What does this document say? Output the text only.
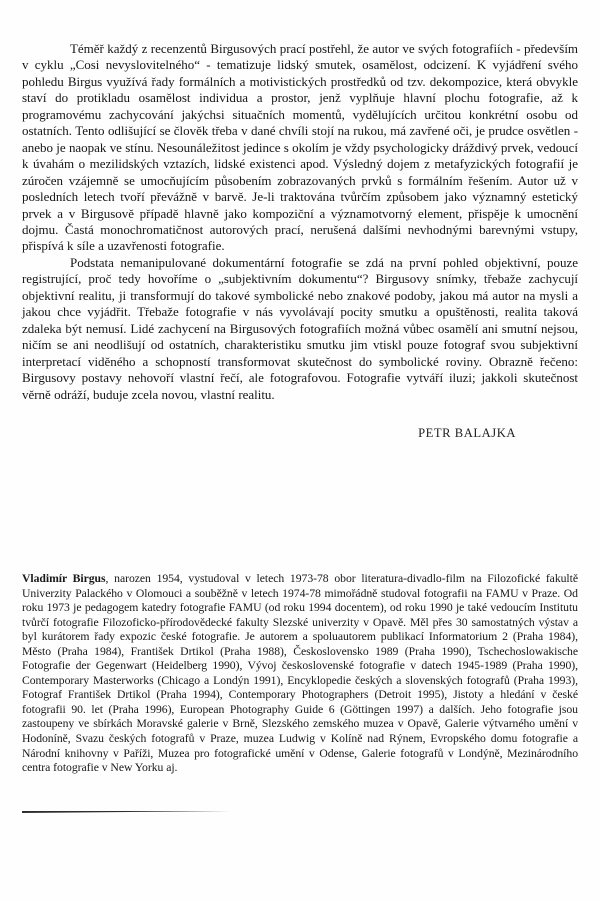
Téměř každý z recenzentů Birgusových prací postřehl, že autor ve svých fotografiích - především v cyklu „Cosi nevyslovitelného“ - tematizuje lidský smutek, osamělost, odcizení. K vyjádření svého pohledu Birgus využívá řady formálních a motivistických prostředků od tzv. dekompozice, která obvykle staví do protikladu osamělost individua a prostor, jenž vyplňuje hlavní plochu fotografie, až k programovému zachycování jakýchsi situačních momentů, vydělujících určitou konkrétní osobu od ostatních. Tento odlišující se člověk třeba v dané chvíli stojí na rukou, má zavřené oči, je prudce osvětlen - anebo je naopak ve stínu. Nesounáležitost jedince s okolím je vždy psychologicky dráždivý prvek, vedoucí k úvahám o mezilidských vztazích, lidské existenci apod. Výsledný dojem z metafyzických fotografií je zúročen vzájemně se umocňujícím působením zobrazovaných prvků s formálním řešením. Autor už v posledních letech tvoří převážně v barvě. Je-li traktována tvůrčím způsobem jako významný estetický prvek a v Birgusově případě hlavně jako kompoziční a významotvorný element, přispěje k umocnění dojmu. Častá monochromatičnost autorových prací, nerušená dalšími nevhodnými barevnými vstupy, přispívá k síle a uzavřenosti fotografie.

Podstata nemanipulované dokumentární fotografie se zdá na první pohled objektivní, pouze registrující, proč tedy hovoříme o „subjektivním dokumentu“? Birgusovy snímky, třebaže zachycují objektivní realitu, ji transformují do takové symbolické nebo znakové podoby, jakou má autor na mysli a jakou chce vyjádřit. Třebaže fotografie v nás vyvolávají pocity smutku a opuštěnosti, realita taková zdaleka být nemusí. Lidé zachycení na Birgusových fotografiích možná vůbec osamělí ani smutní nejsou, ničím se ani neodlišují od ostatních, charakteristiku smutku jim vtiskl pouze fotograf svou subjektivní interpretací viděného a schopností transformovat skutečnost do symbolické roviny. Obrazně řečeno: Birgusovy postavy nehovoří vlastní řečí, ale fotografovou. Fotografie vytváří iluzi; jakkoli skutečnost věrně odráží, buduje zcela novou, vlastní realitu.

PETR BALAJKA

Vladimír Birgus, narozen 1954, vystudoval v letech 1973-78 obor literatura-divadlo-film na Filozofické fakultě Univerzity Palackého v Olomouci a souběžně v letech 1974-78 mimořádně studoval fotografii na FAMU v Praze. Od roku 1973 je pedagogem katedry fotografie FAMU (od roku 1994 docentem), od roku 1990 je také vedoucím Institutu tvůrčí fotografie Filozoficko-přírodovědecké fakulty Slezské univerzity v Opavě. Měl přes 30 samostatných výstav a byl kurátorem řady expozic české fotografie. Je autorem a spoluautorem publikací Informatorium 2 (Praha 1984), Město (Praha 1984), František Drtikol (Praha 1988), Československo 1989 (Praha 1990), Tschechoslowakische Fotografie der Gegenwart (Heidelberg 1990), Vývoj československé fotografie v datech 1945-1989 (Praha 1990), Contemporary Masterworks (Chicago a Londýn 1991), Encyklopedie českých a slovenských fotografů (Praha 1993), Fotograf František Drtikol (Praha 1994), Contemporary Photographers (Detroit 1995), Jistoty a hledání v české fotografii 90. let (Praha 1996), European Photography Guide 6 (Göttingen 1997) a dalších. Jeho fotografie jsou zastoupeny ve sbírkách Moravské galerie v Brně, Slezského zemského muzea v Opavě, Galerie výtvarného umění v Hodoníně, Svazu českých fotografů v Praze, muzea Ludwig v Kolíně nad Rýnem, Evropského domu fotografie a Národní knihovny v Paříži, Muzea pro fotografické umění v Odense, Galerie fotografů v Londýně, Mezinárodního centra fotografie v New Yorku aj.
